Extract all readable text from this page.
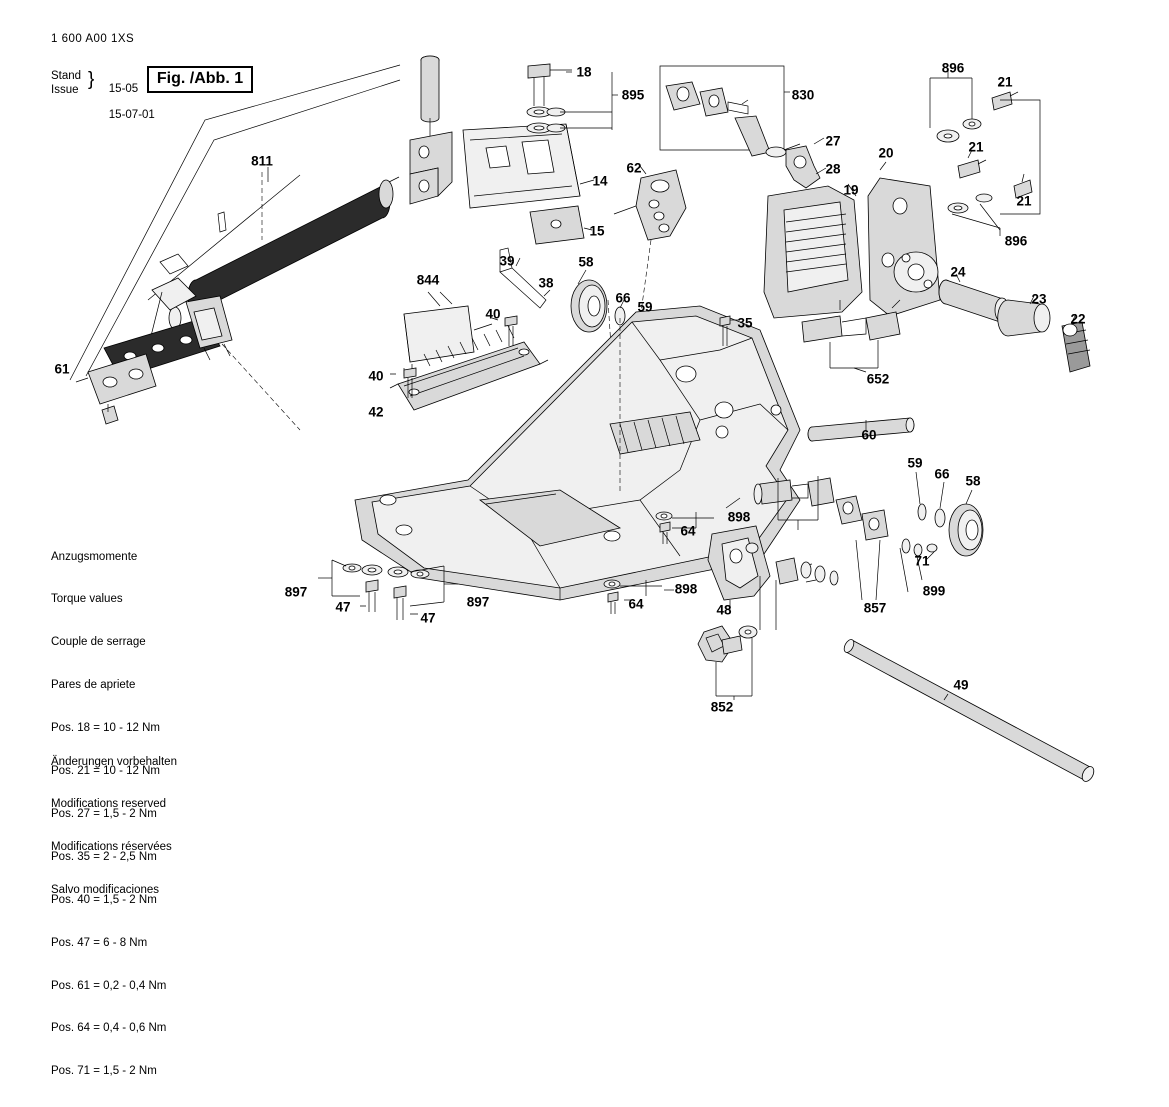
1 600 A00 1XS
Stand
Issue }	15-05

15-07-01

Fig. /Abb. 1

Anzugsmomente

Torque values

Couple de serrage

Pares de apriete

Pos. 18 = 10 - 12 Nm

Pos. 21 = 10 - 12 Nm

Pos. 27 = 1,5 - 2 Nm

Pos. 35 = 2 - 2,5 Nm

Pos. 40 = 1,5 - 2 Nm

Pos. 47 = 6 - 8 Nm

Pos. 61 = 0,2 - 0,4 Nm

Pos. 64 = 0,4 - 0,6 Nm

Pos. 71 = 1,5 - 2 Nm

Änderungen vorbehalten

Modifications reserved

Modifications réservées

Salvo modificaciones

811
61
895
18
830
896
21
21
21
896
27
28
20
19
14
15
62
24
23
22
652
39
38
58
66
59
35
844
40
40
42
60
59
66 58
898
64
71
899
857
898
64	48
897
897
47
47
852
49
